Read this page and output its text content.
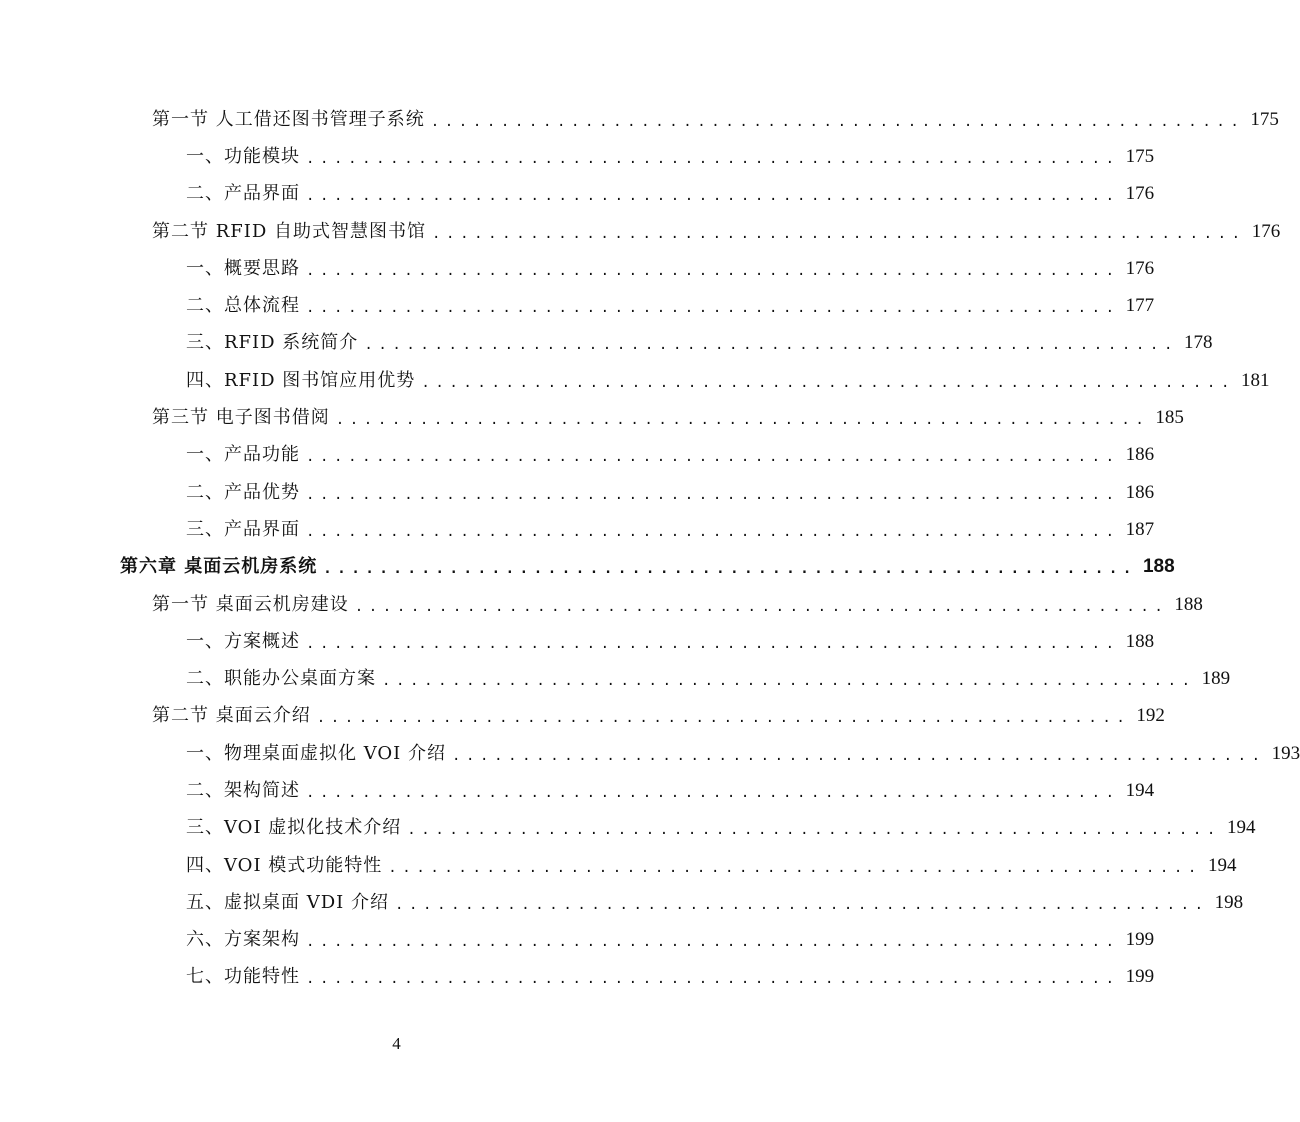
第一节 人工借还图书管理子系统 .......................................................... 175
一、功能模块 .......................................................... 175
二、产品界面 .......................................................... 176
第二节 RFID 自助式智慧图书馆 .......................................................... 176
一、概要思路 .......................................................... 176
二、总体流程 .......................................................... 177
三、RFID 系统简介 .......................................................... 178
四、RFID 图书馆应用优势 .......................................................... 181
第三节 电子图书借阅 .......................................................... 185
一、产品功能 .......................................................... 186
二、产品优势 .......................................................... 186
三、产品界面 .......................................................... 187
第六章 桌面云机房系统 .......................................................... 188
第一节 桌面云机房建设 .......................................................... 188
一、方案概述 .......................................................... 188
二、职能办公桌面方案 .......................................................... 189
第二节 桌面云介绍 .......................................................... 192
一、物理桌面虚拟化 VOI 介绍 .......................................................... 193
二、架构简述 .......................................................... 194
三、VOI 虚拟化技术介绍 .......................................................... 194
四、VOI 模式功能特性 .......................................................... 194
五、虚拟桌面 VDI 介绍 .......................................................... 198
六、方案架构 .......................................................... 199
七、功能特性 .......................................................... 199
4
